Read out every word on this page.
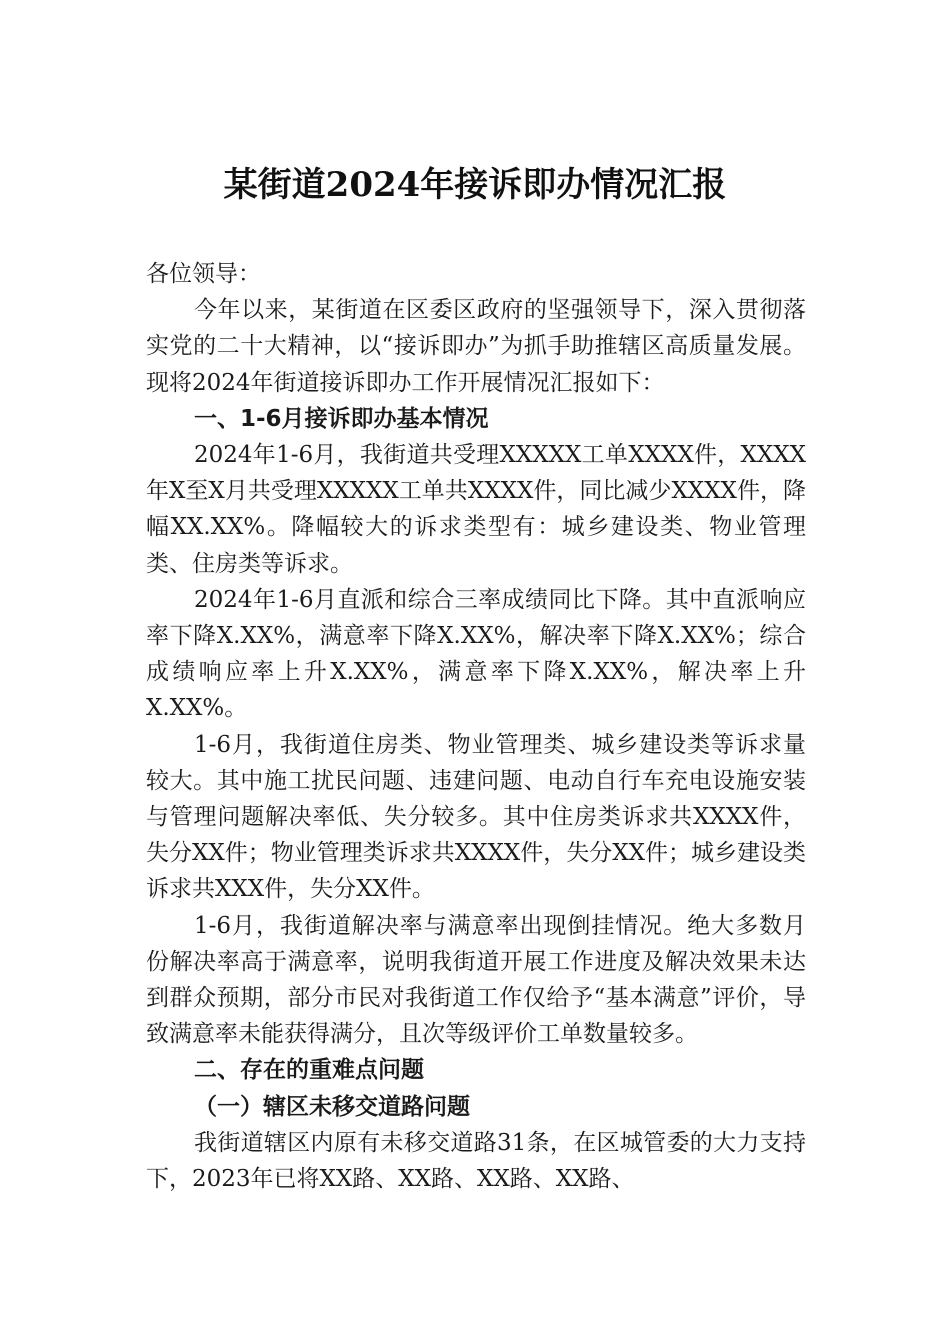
某街道2024年接诉即办情况汇报

各位领导：

今年以来，某街道在区委区政府的坚强领导下，深入贯彻落实党的二十大精神，以“接诉即办”为抓手助推辖区高质量发展。现将2024年街道接诉即办工作开展情况汇报如下：

一、1-6月接诉即办基本情况

2024年1-6月，我街道共受理XXXXX工单XXXX件，XXXX年X至X月共受理XXXXX工单共XXXX件，同比减少XXXX件，降幅XX.XX%。降幅较大的诉求类型有：城乡建设类、物业管理类、住房类等诉求。

2024年1-6月直派和综合三率成绩同比下降。其中直派响应率下降X.XX%，满意率下降X.XX%，解决率下降X.XX%；综合成绩响应率上升X.XX%，满意率下降X.XX%，解决率上升X.XX%。

1-6月，我街道住房类、物业管理类、城乡建设类等诉求量较大。其中施工扰民问题、违建问题、电动自行车充电设施安装与管理问题解决率低、失分较多。其中住房类诉求共XXXX件，失分XX件；物业管理类诉求共XXXX件，失分XX件；城乡建设类诉求共XXX件，失分XX件。

1-6月，我街道解决率与满意率出现倒挂情况。绝大多数月份解决率高于满意率，说明我街道开展工作进度及解决效果未达到群众预期，部分市民对我街道工作仅给予“基本满意”评价，导致满意率未能获得满分，且次等级评价工单数量较多。

二、存在的重难点问题

（一）辖区未移交道路问题

我街道辖区内原有未移交道路31条，在区城管委的大力支持下，2023年已将XX路、XX路、XX路、XX路、
